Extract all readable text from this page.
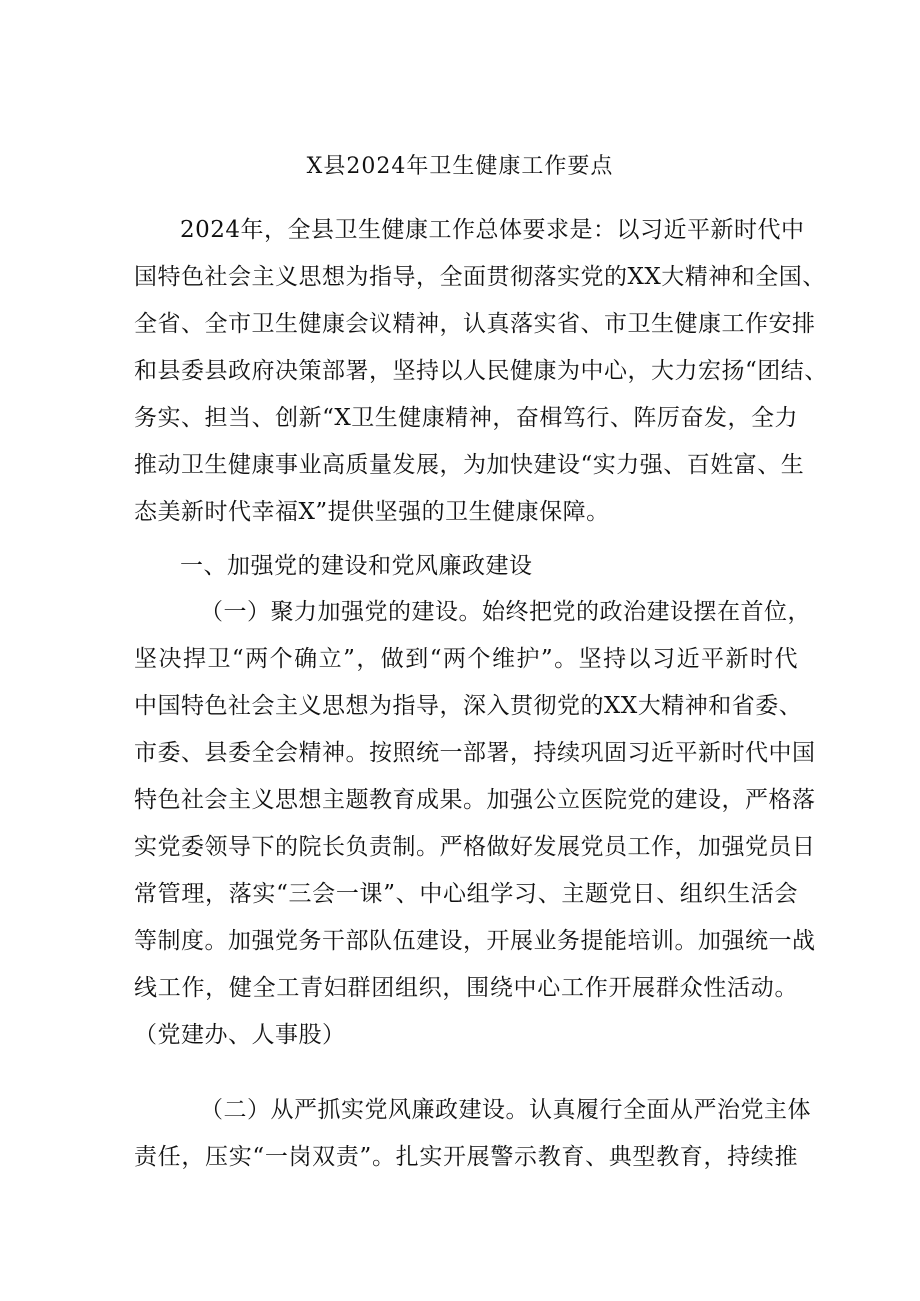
X县2024年卫生健康工作要点
2024年，全县卫生健康工作总体要求是：以习近平新时代中
国特色社会主义思想为指导，全面贯彻落实党的XX大精神和全国、
全省、全市卫生健康会议精神，认真落实省、市卫生健康工作安排
和县委县政府决策部署，坚持以人民健康为中心，大力宏扬“团结、
务实、担当、创新“X卫生健康精神，奋楫笃行、阵厉奋发，全力
推动卫生健康事业高质量发展，为加快建设“实力强、百姓富、生
态美新时代幸福X”提供坚强的卫生健康保障。
一、加强党的建设和党风廉政建设
（一）聚力加强党的建设。始终把党的政治建设摆在首位，
坚决捍卫“两个确立”，做到“两个维护”。坚持以习近平新时代
中国特色社会主义思想为指导，深入贯彻党的XX大精神和省委、
市委、县委全会精神。按照统一部署，持续巩固习近平新时代中国
特色社会主义思想主题教育成果。加强公立医院党的建设，严格落
实党委领导下的院长负责制。严格做好发展党员工作，加强党员日
常管理，落实“三会一课”、中心组学习、主题党日、组织生活会
等制度。加强党务干部队伍建设，开展业务提能培训。加强统一战
线工作，健全工青妇群团组织，围绕中心工作开展群众性活动。
（党建办、人事股）
（二）从严抓实党风廉政建设。认真履行全面从严治党主体
责任，压实“一岗双责”。扎实开展警示教育、典型教育，持续推
